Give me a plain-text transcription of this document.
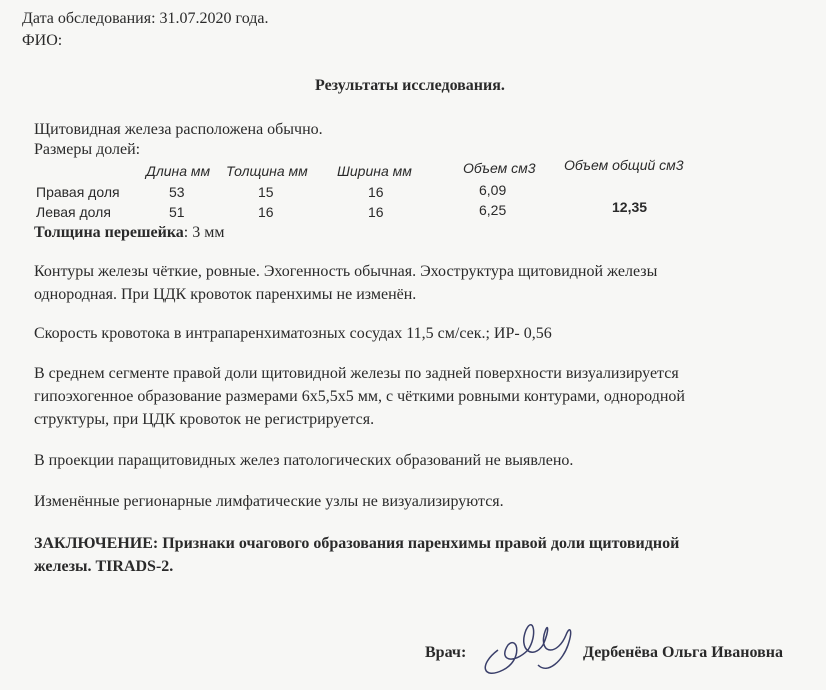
Дата обследования: 31.07.2020 года.
ФИО:
Результаты исследования.
Щитовидная железа расположена обычно.
Размеры долей:
Длина мм Толщина мм Ширина мм	Объем см3 Объем общий см3
Правая доля	53	15	16	6,09
Левая доля	51	16	16	6,25	12,35
Толщина перешейка: 3 мм
Контуры железы чёткие, ровные. Эхогенность обычная. Эхоструктура щитовидной железы
однородная. При ЦДК кровоток паренхимы не изменён.
Скорость кровотока в интрапаренхиматозных сосудах 11,5 см/сек.; ИР- 0,56
В среднем сегменте правой доли щитовидной железы по задней поверхности визуализируется
гипоэхогенное образование размерами 6х5,5х5 мм, с чёткими ровными контурами, однородной
структуры, при ЦДК кровоток не регистрируется.
В проекции паращитовидных желез патологических образований не выявлено.
Изменённые регионарные лимфатические узлы не визуализируются.
ЗАКЛЮЧЕНИЕ: Признаки очагового образования паренхимы правой доли щитовидной
железы. TIRADS-2.
Врач:	Дербенёва Ольга Ивановна
